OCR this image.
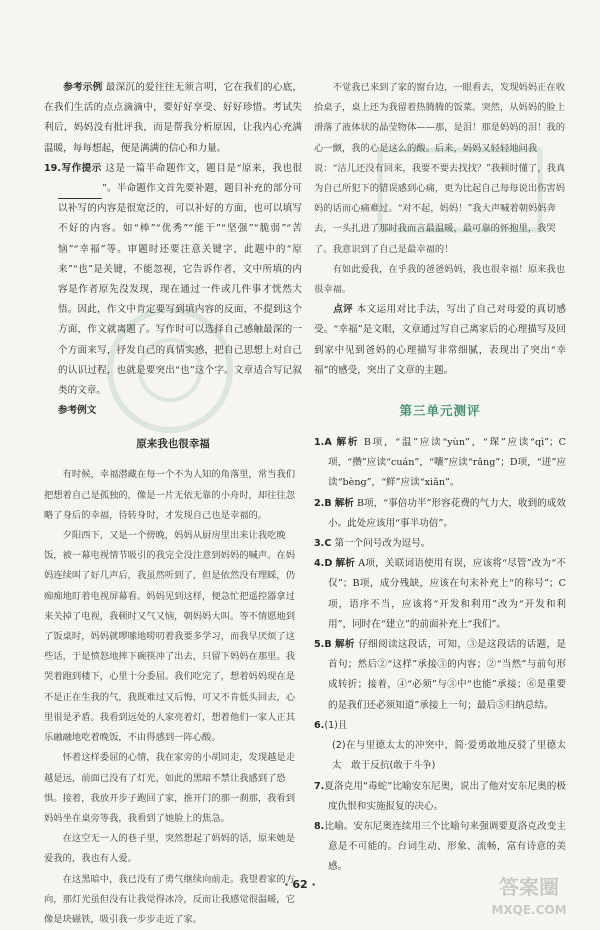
参考示例 最深沉的爱往往无须言明，它在我们的心底，在我们生活的点点滴滴中，要好好享受、好好珍惜。考试失利后，妈妈没有批评我，而是帮我分析原因，让我内心充满温暖，每每想起，便是满满的信心和力量。

19.写作提示 这是一篇半命题作文，题目是“原来，我也很”。半命题作文首先要补题，题目补充的部分可以补写的内容是很宽泛的，可以补好的方面，也可以填写不好的内容。如“棒”“优秀”“能干”“坚强”“脆弱”“苦恼”“幸福”等。审题时还要注意关键字，此题中的“原来”“也”是关键，不能忽视，它告诉作者，文中所填的内容是作者原先没发现，现在通过一件或几件事才恍然大悟。因此，作文中肯定要写到填内容的反面，不提到这个方面，作文就离题了。写作时可以选择自己感触最深的一个方面来写，抒发自己的真情实感，把自己思想上对自己的认识过程，也就是要突出“也”这个字。文章适合写记叙类的文章。

参考例文

原来我也很幸福

有时候，幸福潜藏在每一个不为人知的角落里，常当我们把想着自己是孤独的，像是一片无依无靠的小舟时，却往往忽略了身后的幸福，待转身时，才发现自己也是幸福的。

夕阳西下，又是一个傍晚，妈妈从厨房里出来让我吃晚饭，被一幕电视情节吸引的我完全没注意到妈妈的喊声。在妈妈连续叫了好几声后，我虽然听到了，但是依然没有理睬，仍痴痴地盯着电视屏幕看。妈妈见到这样，便急忙把遥控器拿过来关掉了电视，我顿时又气又恼，朝妈妈大叫。等不情愿地到了饭桌时，妈妈就啰嗦地唠叨着我要多学习，而我早厌烦了这些话，于是愤怒地摔下碗筷冲了出去，只留下妈妈在那里。我哭着跑到楼下，心里十分委屈。我们吃完了，想着妈妈现在是不是正在生我的气，我既难过又后悔，可又不肯低头回去，心里很是矛盾。我看到远处的人家亮着灯，想着他们一家人正其乐融融地吃着晚饭，不由得感到一阵心酸。

怀着这样委屈的心情，我在家旁的小胡同走，发现越是走越是远，前面已没有了灯光，如此的黑暗不禁让我感到了恐惧。接着，我放开步子跑回了家，推开门的那一刹那，我看到妈妈坐在桌旁等我，我看到了她脸上的焦急。

在这空无一人的巷子里，突然想起了妈妈的话，原来她是爱我的，我也有人爱。

在这黑暗中，我已没有了勇气继续向前走。我望着家的方向，那灯光虽但没有让我觉得冰冷，反而让我感觉很温暖，它像是块磁铁，吸引我一步步走近了家。

不觉我已来到了家的窗台边，一眼看去，发现妈妈正在收拾桌子，桌上还为我留着热腾腾的饭菜。突然，从妈妈的脸上滑落了液体状的晶莹物体——那，是泪！那是妈妈的泪！我的心一颤，我的心是这么的酸。后来，妈妈又轻轻地问我说：“洁儿还没有回来，我要不要去找找？”我顿时懂了，我真为自己所犯下的错误感到心痛，更为比起自己每每说出伤害妈妈的话而心痛难过。“对不起，妈妈！”我大声喊着朝妈妈奔去，一头扎进了那时我而言最温暖，最可靠的怀抱里，我哭了。我意识到了自己是最幸福的！

有如此爱我，在乎我的爸爸妈妈，我也很幸福！原来我也很幸福。

点评 本文运用对比手法，写出了自己对母爱的真切感受。“幸福”是文眼，文章通过写自己离家后的心理描写及回到家中见到爸妈的心理描写非常细腻，表现出了突出“幸福”的感受，突出了文章的主题。

第三单元测评

1.A 解析 B项，“温”应读“yùn”，“琛”应读“qì”；C项，“攒”应读“cuán”，“嚷”应读“rǎng”；D项，“迸”应读“bèng”，“鲜”应读“xiǎn”。

2.B 解析 B项，“事倍功半”形容花费的气力大，收到的成效小。此处应该用“事半功倍”。

3.C 第一个问号改为逗号。

4.D 解析 A项，关联词语使用有误，应该将“尽管”改为“不仅”；B项，成分残缺，应该在句末补充上“的称号”；C项，语序不当，应该将“开发和利用”改为“开发和利用”，同时在“建立”的前面补充上“我们”。

5.B 解析 仔细阅读这段话，可知，③是这段话的话题，是首句；然后②“这样”承接③的内容；②“当然”与前句形成转折；接着，④“必须”与③中“也能”承接；⑥是重要的是我们还必须知道”承接上一句；最后⑤归纳总结。

6.(1)且

(2)在与里德太太的冲突中，简·爱勇敢地反驳了里德太太　敢于反抗(敢于斗争)

7.夏洛克用“毒蛇”比喻安东尼奥，说出了他对安东尼奥的极度仇恨和实施报复的决心。

8.比喻。安东尼奥连续用三个比喻句来强调要夏洛克改变主意是不可能的。台词生动、形象、流畅，富有诗意的美感。

· 62 ·	答案圈
MXQE.COM
